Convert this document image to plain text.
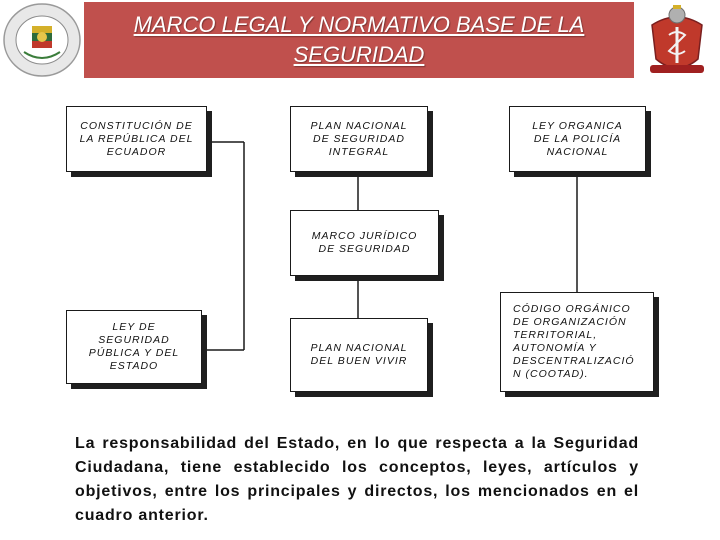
MARCO LEGAL Y NORMATIVO BASE DE LA SEGURIDAD
CONSTITUCIÓN DE
LA REPÚBLICA DEL
ECUADOR
PLAN NACIONAL
DE SEGURIDAD
INTEGRAL
LEY ORGANICA
DE LA POLICÍA
NACIONAL
MARCO JURÍDICO
DE SEGURIDAD
LEY DE
SEGURIDAD
PÚBLICA Y DEL
ESTADO
PLAN NACIONAL
DEL BUEN VIVIR
CÓDIGO ORGÁNICO
DE ORGANIZACIÓN
TERRITORIAL,
AUTONOMÍA Y
DESCENTRALIZACIÓ
N (COOTAD).

La responsabilidad del Estado, en lo que respecta a la Seguridad Ciudadana, tiene establecido los conceptos, leyes, artículos y objetivos, entre los principales y directos, los mencionados en el cuadro anterior.
